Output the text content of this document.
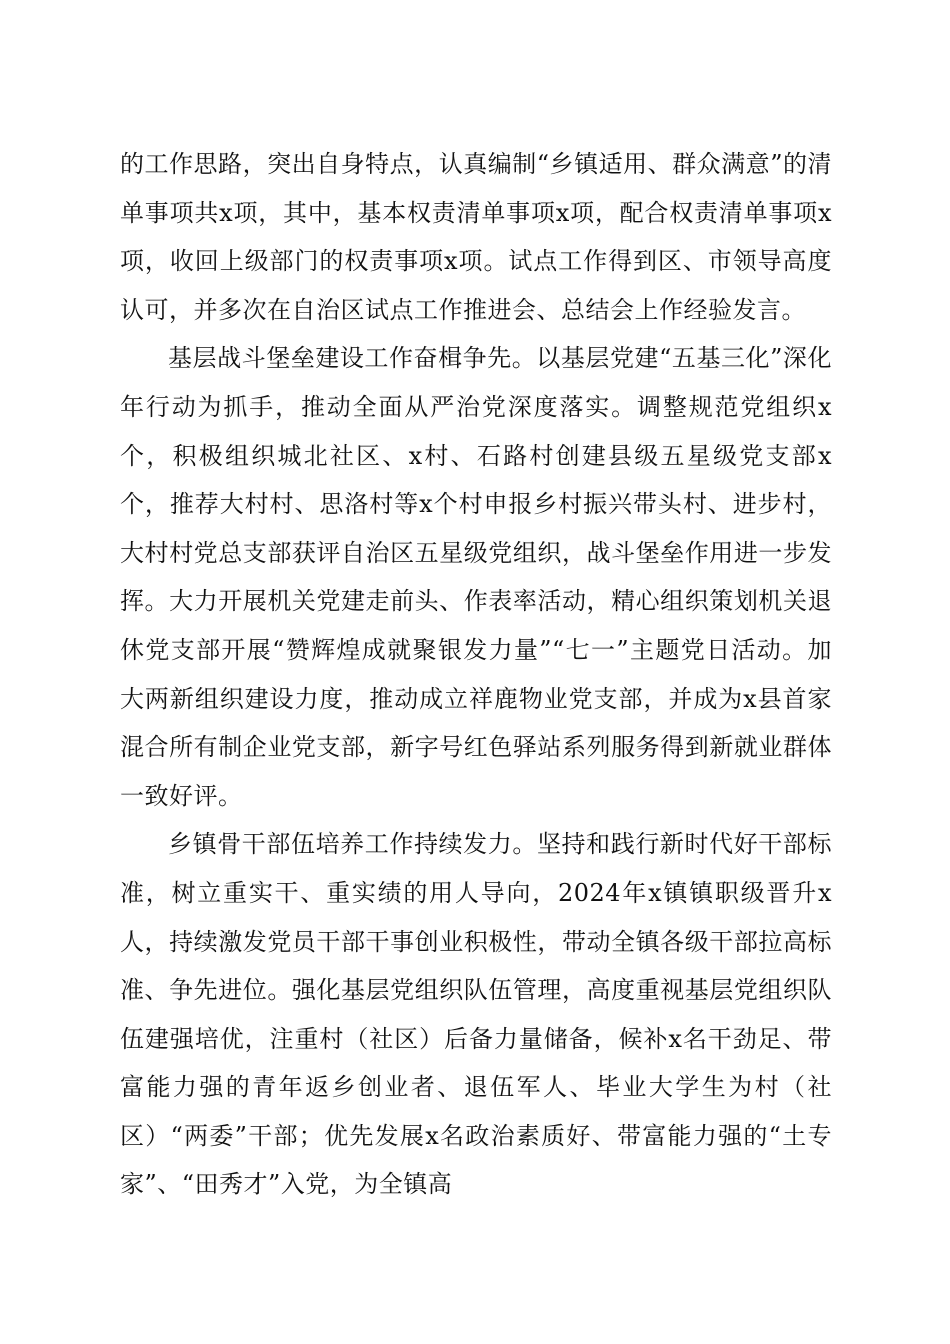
的工作思路，突出自身特点，认真编制“乡镇适用、群众满意”的清单事项共x项，其中，基本权责清单事项x项，配合权责清单事项x项，收回上级部门的权责事项x项。试点工作得到区、市领导高度认可，并多次在自治区试点工作推进会、总结会上作经验发言。

基层战斗堡垒建设工作奋楫争先。以基层党建“五基三化”深化年行动为抓手，推动全面从严治党深度落实。调整规范党组织x个，积极组织城北社区、x村、石路村创建县级五星级党支部x个，推荐大村村、思洛村等x个村申报乡村振兴带头村、进步村，大村村党总支部获评自治区五星级党组织，战斗堡垒作用进一步发挥。大力开展机关党建走前头、作表率活动，精心组织策划机关退休党支部开展“赞辉煌成就聚银发力量”“七一”主题党日活动。加大两新组织建设力度，推动成立祥鹿物业党支部，并成为x县首家混合所有制企业党支部，新字号红色驿站系列服务得到新就业群体一致好评。

乡镇骨干部伍培养工作持续发力。坚持和践行新时代好干部标准，树立重实干、重实绩的用人导向，2024年x镇镇职级晋升x人，持续激发党员干部干事创业积极性，带动全镇各级干部拉高标准、争先进位。强化基层党组织队伍管理，高度重视基层党组织队伍建强培优，注重村（社区）后备力量储备，候补x名干劲足、带富能力强的青年返乡创业者、退伍军人、毕业大学生为村（社区）“两委”干部；优先发展x名政治素质好、带富能力强的“土专家”、“田秀才”入党，为全镇高
